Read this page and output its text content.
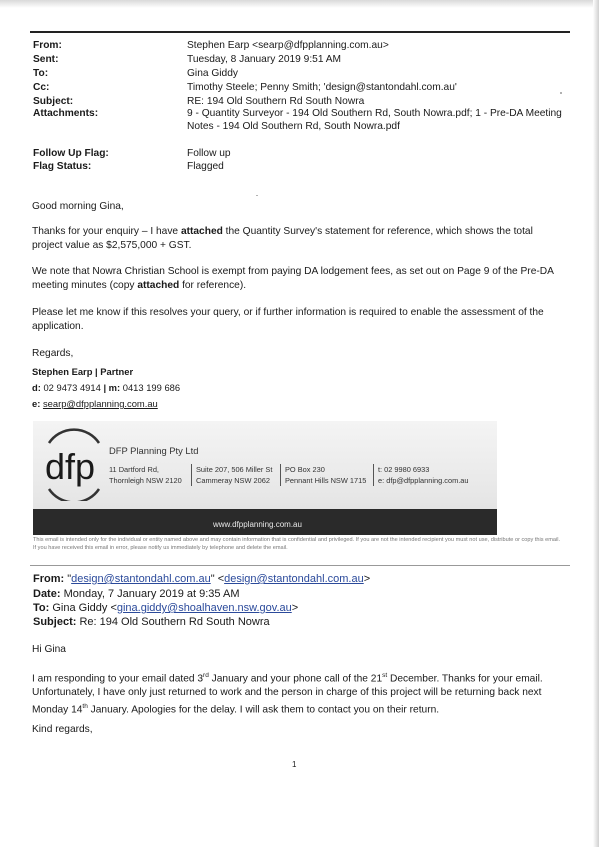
From:	Stephen Earp <searp@dfpplanning.com.au>
Sent:	Tuesday, 8 January 2019 9:51 AM
To:	Gina Giddy
Cc:	Timothy Steele; Penny Smith; 'design@stantondahl.com.au'
Subject:	RE: 194 Old Southern Rd South Nowra
Attachments:	9 - Quantity Surveyor - 194 Old Southern Rd, South Nowra.pdf; 1 - Pre-DA Meeting Notes - 194 Old Southern Rd, South Nowra.pdf
Follow Up Flag:	Follow up
Flag Status:	Flagged

Good morning Gina,

Thanks for your enquiry – I have attached the Quantity Survey's statement for reference, which shows the total project value as $2,575,000 + GST.

We note that Nowra Christian School is exempt from paying DA lodgement fees, as set out on Page 9 of the Pre-DA meeting minutes (copy attached for reference).

Please let me know if this resolves your query, or if further information is required to enable the assessment of the application.

Regards,

Stephen Earp | Partner
d: 02 9473 4914 | m: 0413 199 686
e: searp@dfpplanning.com.au
dfp DFP Planning Pty Ltd
11 Dartford Rd,
Thornleigh NSW 2120
Suite 207, 506 Miller St
Cammeray NSW 2062
PO Box 230
Pennant Hills NSW 1715
t: 02 9980 6933
e: dfp@dfpplanning.com.au
www.dfpplanning.com.au
This email is intended only for the individual or entity named above and may contain information that is confidential and privileged. If you are not the intended recipient you must not use, distribute or copy this email. If you have received this email in error, please notify us immediately by telephone and delete the email.
From: "design@stantondahl.com.au" <design@stantondahl.com.au>
Date: Monday, 7 January 2019 at 9:35 AM
To: Gina Giddy <gina.giddy@shoalhaven.nsw.gov.au>
Subject: Re: 194 Old Southern Rd South Nowra

Hi Gina

I am responding to your email dated 3rd January and your phone call of the 21st December. Thanks for your email. Unfortunately, I have only just returned to work and the person in charge of this project will be returning back next Monday 14th January. Apologies for the delay. I will ask them to contact you on their return.

Kind regards,

1
